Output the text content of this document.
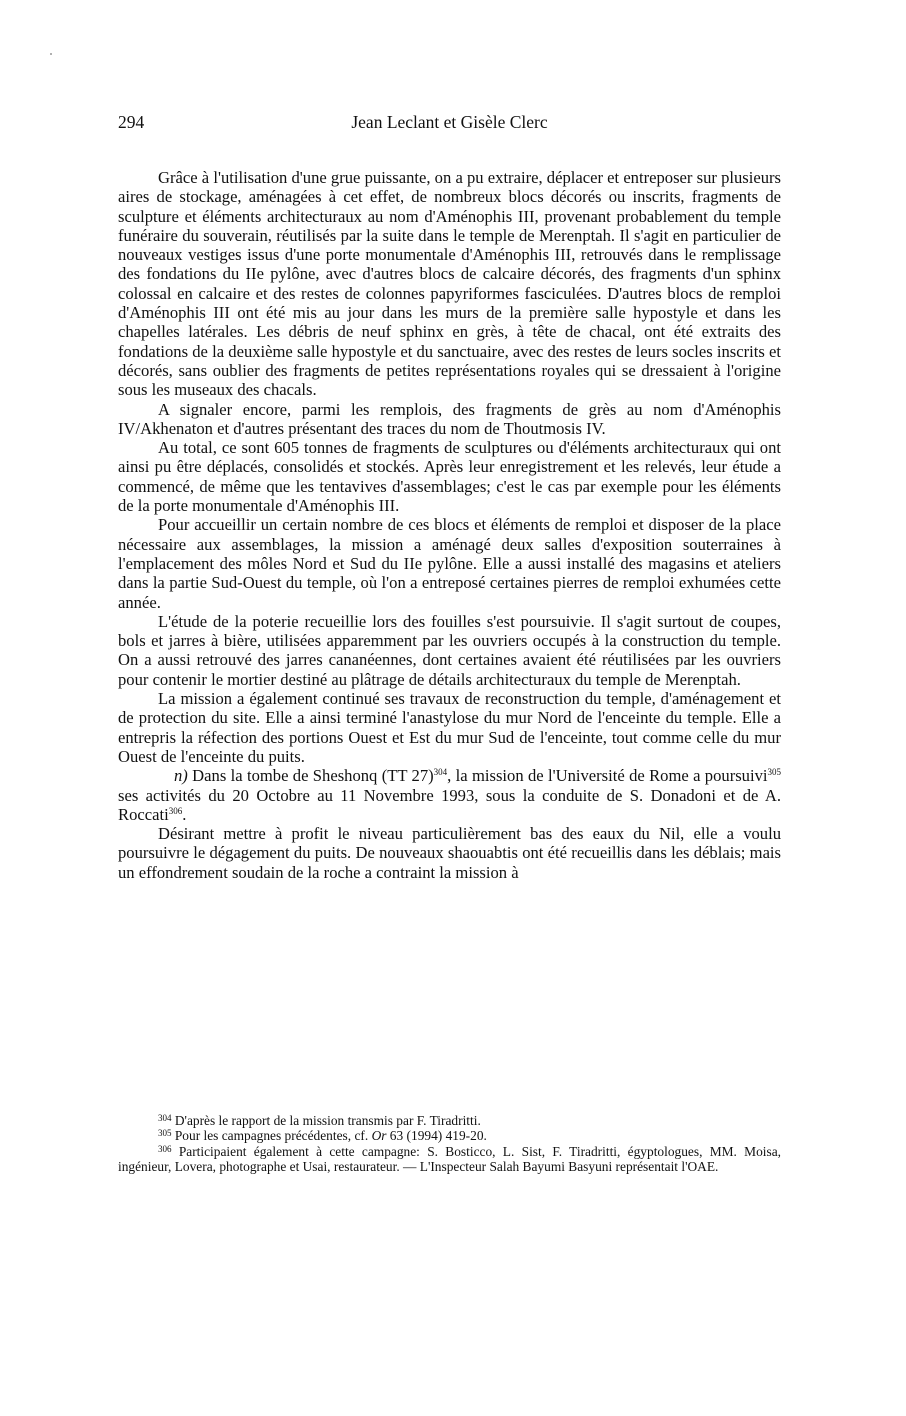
294	Jean Leclant et Gisèle Clerc

Grâce à l'utilisation d'une grue puissante, on a pu extraire, déplacer et entreposer sur plusieurs aires de stockage, aménagées à cet effet, de nombreux blocs décorés ou inscrits, fragments de sculpture et éléments architecturaux au nom d'Aménophis III, provenant probablement du temple funéraire du souverain, réutilisés par la suite dans le temple de Merenptah. Il s'agit en particulier de nouveaux vestiges issus d'une porte monumentale d'Aménophis III, retrouvés dans le remplissage des fondations du IIe pylône, avec d'autres blocs de calcaire décorés, des fragments d'un sphinx colossal en calcaire et des restes de colonnes papyriformes fasciculées. D'autres blocs de remploi d'Aménophis III ont été mis au jour dans les murs de la première salle hypostyle et dans les chapelles latérales. Les débris de neuf sphinx en grès, à tête de chacal, ont été extraits des fondations de la deuxième salle hypostyle et du sanctuaire, avec des restes de leurs socles inscrits et décorés, sans oublier des fragments de petites représentations royales qui se dressaient à l'origine sous les museaux des chacals.

A signaler encore, parmi les remplois, des fragments de grès au nom d'Aménophis IV/Akhenaton et d'autres présentant des traces du nom de Thoutmosis IV.

Au total, ce sont 605 tonnes de fragments de sculptures ou d'éléments architecturaux qui ont ainsi pu être déplacés, consolidés et stockés. Après leur enregistrement et les relevés, leur étude a commencé, de même que les tentavives d'assemblages; c'est le cas par exemple pour les éléments de la porte monumentale d'Aménophis III.

Pour accueillir un certain nombre de ces blocs et éléments de remploi et disposer de la place nécessaire aux assemblages, la mission a aménagé deux salles d'exposition souterraines à l'emplacement des môles Nord et Sud du IIe pylône. Elle a aussi installé des magasins et ateliers dans la partie Sud-Ouest du temple, où l'on a entreposé certaines pierres de remploi exhumées cette année.

L'étude de la poterie recueillie lors des fouilles s'est poursuivie. Il s'agit surtout de coupes, bols et jarres à bière, utilisées apparemment par les ouvriers occupés à la construction du temple. On a aussi retrouvé des jarres cananéennes, dont certaines avaient été réutilisées par les ouvriers pour contenir le mortier destiné au plâtrage de détails architecturaux du temple de Merenptah.

La mission a également continué ses travaux de reconstruction du temple, d'aménagement et de protection du site. Elle a ainsi terminé l'anastylose du mur Nord de l'enceinte du temple. Elle a entrepris la réfection des portions Ouest et Est du mur Sud de l'enceinte, tout comme celle du mur Ouest de l'enceinte du puits.

n) Dans la tombe de Sheshonq (TT 27)$^{304}$, la mission de l'Université de Rome a poursuivi$^{305}$ ses activités du 20 Octobre au 11 Novembre 1993, sous la conduite de S. Donadoni et de A. Roccati$^{306}$.

Désirant mettre à profit le niveau particulièrement bas des eaux du Nil, elle a voulu poursuivre le dégagement du puits. De nouveaux shaouabtis ont été recueillis dans les déblais; mais un effondrement soudain de la roche a contraint la mission à

$^{304}$ D'après le rapport de la mission transmis par F. Tiradritti.

$^{305}$ Pour les campagnes précédentes, cf. Or 63 (1994) 419-20.

$^{306}$ Participaient également à cette campagne: S. Bosticco, L. Sist, F. Tiradritti, égyptologues, MM. Moisa, ingénieur, Lovera, photographe et Usai, restaurateur. — L'Inspecteur Salah Bayumi Basyuni représentait l'OAE.
